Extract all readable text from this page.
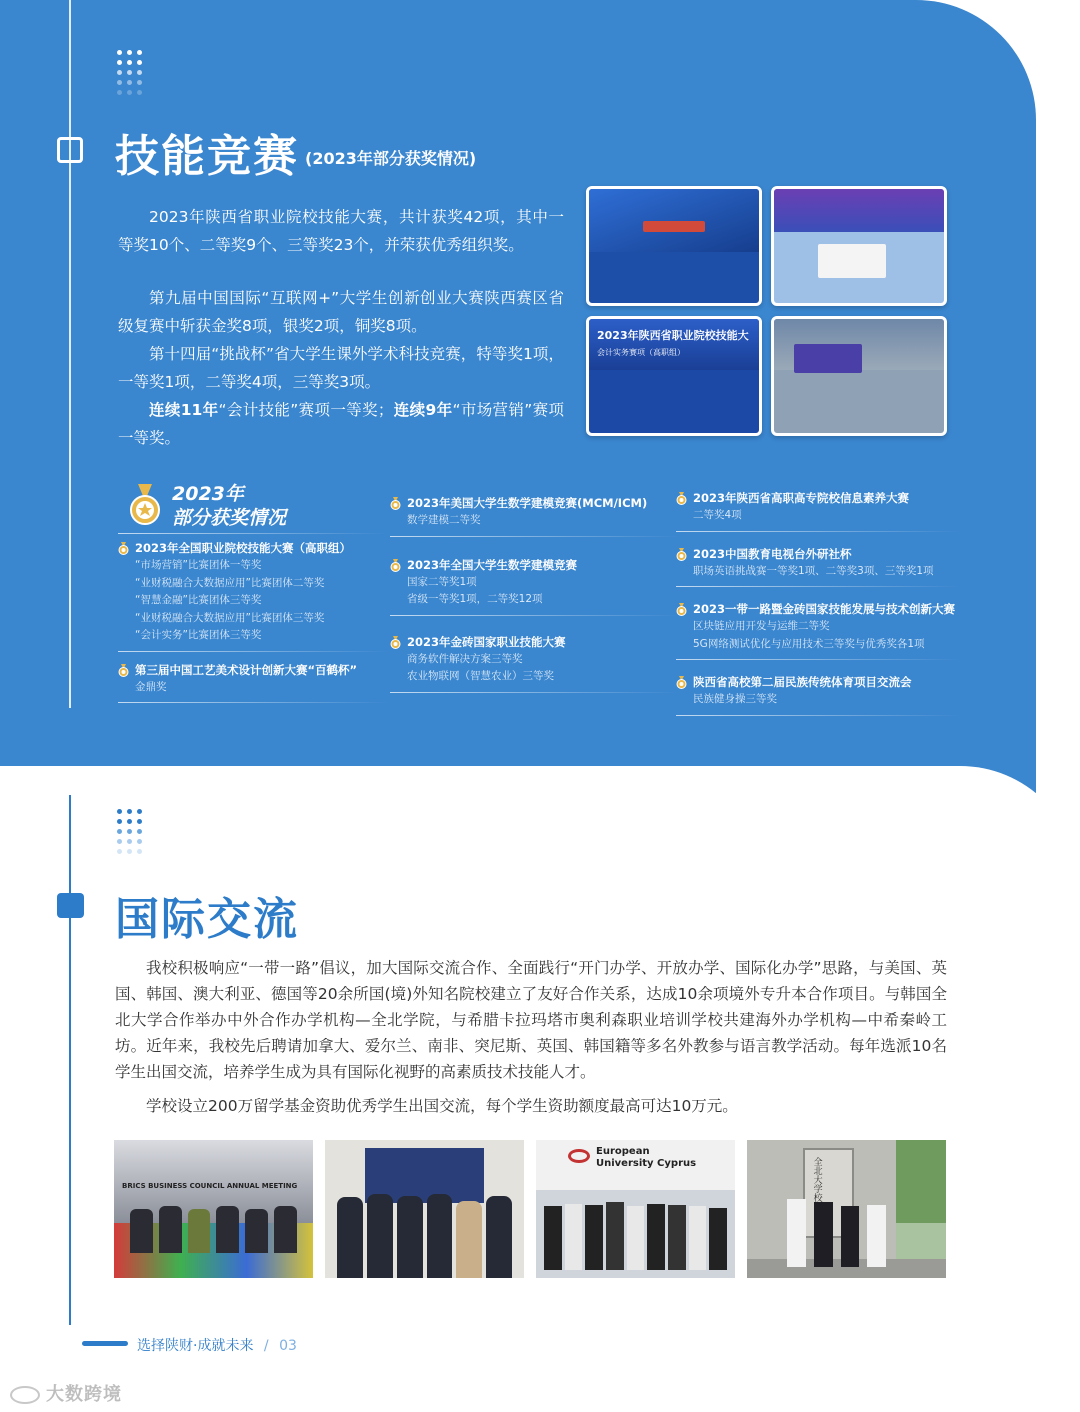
技能竞赛 (2023年部分获奖情况)
2023年陕西省职业院校技能大赛，共计获奖42项，其中一等奖10个、二等奖9个、三等奖23个，并荣获优秀组织奖。
第九届中国国际“互联网+”大学生创新创业大赛陕西赛区省级复赛中斩获金奖8项，银奖2项，铜奖8项。
第十四届“挑战杯”省大学生课外学术科技竞赛，特等奖1项，一等奖1项，二等奖4项，三等奖3项。
连续11年“会计技能”赛项一等奖；连续9年“市场营销”赛项一等奖。
2023年陕西省职业院校技能大
会计实务赛项（高职组）
2023年
部分获奖情况
2023年全国职业院校技能大赛（高职组）
“市场营销”比赛团体一等奖
“业财税融合大数据应用”比赛团体二等奖
“智慧金融”比赛团体三等奖
“业财税融合大数据应用”比赛团体三等奖
“会计实务”比赛团体三等奖
第三届中国工艺美术设计创新大赛“百鹤杯”
金鼎奖
2023年美国大学生数学建模竞赛(MCM/ICM)
数学建模二等奖
2023年全国大学生数学建模竞赛
国家二等奖1项
省级一等奖1项，二等奖12项
2023年金砖国家职业技能大赛
商务软件解决方案三等奖
农业物联网（智慧农业）三等奖
2023年陕西省高职高专院校信息素养大赛
二等奖4项
2023中国教育电视台外研社杯
职场英语挑战赛一等奖1项、二等奖3项、三等奖1项
2023一带一路暨金砖国家技能发展与技术创新大赛
区块链应用开发与运维二等奖
5G网络测试优化与应用技术三等奖与优秀奖各1项
陕西省高校第二届民族传统体育项目交流会
民族健身操三等奖
国际交流
我校积极响应“一带一路”倡议，加大国际交流合作、全面践行“开门办学、开放办学、国际化办学”思路，与美国、英国、韩国、澳大利亚、德国等20余所国(境)外知名院校建立了友好合作关系，达成10余项境外专升本合作项目。与韩国全北大学合作举办中外合作办学机构—全北学院，与希腊卡拉玛塔市奥利森职业培训学校共建海外办学机构—中希秦岭工坊。近年来，我校先后聘请加拿大、爱尔兰、南非、突尼斯、英国、韩国籍等多名外教参与语言教学活动。每年选派10名学生出国交流，培养学生成为具有国际化视野的高素质技术技能人才。
学校设立200万留学基金资助优秀学生出国交流，每个学生资助额度最高可达10万元。
BRICS BUSINESS COUNCIL ANNUAL MEETING
European University Cyprus	全北大学校
选择陕财·成就未来 / 03
大数跨境
